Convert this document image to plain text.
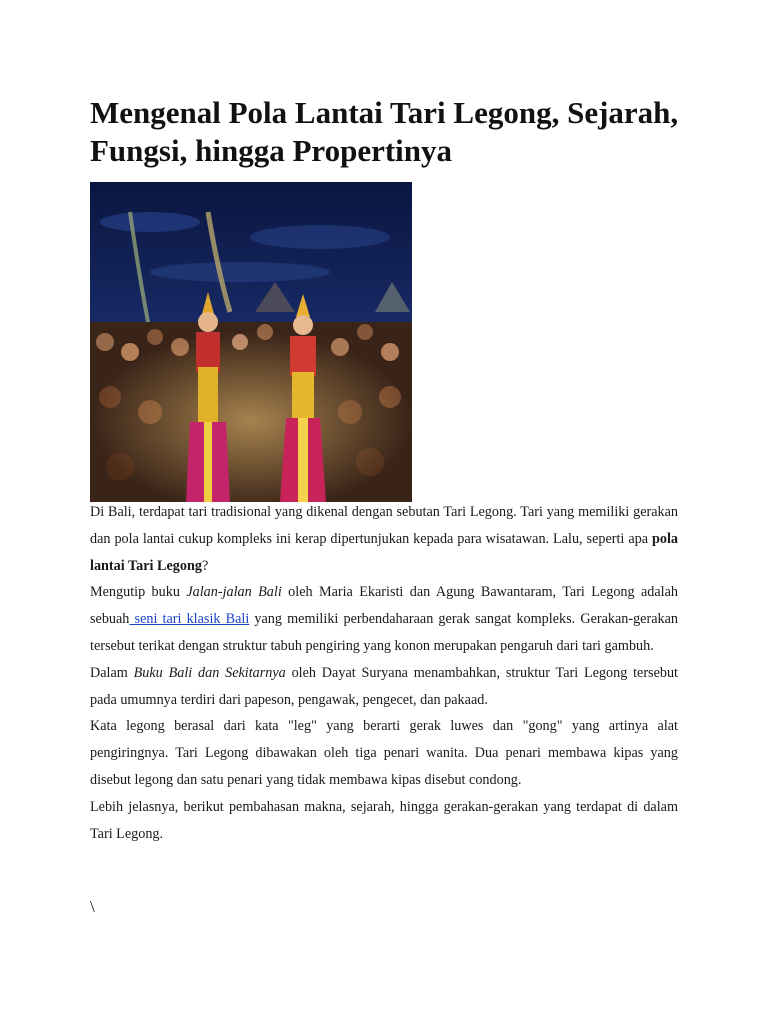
Mengenal Pola Lantai Tari Legong, Sejarah, Fungsi, hingga Propertinya

Di Bali, terdapat tari tradisional yang dikenal dengan sebutan Tari Legong. Tari yang memiliki gerakan dan pola lantai cukup kompleks ini kerap dipertunjukan kepada para wisatawan. Lalu, seperti apa pola lantai Tari Legong?

Mengutip buku Jalan-jalan Bali oleh Maria Ekaristi dan Agung Bawantaram, Tari Legong adalah sebuah seni tari klasik Bali yang memiliki perbendaharaan gerak sangat kompleks. Gerakan-gerakan tersebut terikat dengan struktur tabuh pengiring yang konon merupakan pengaruh dari tari gambuh.

Dalam Buku Bali dan Sekitarnya oleh Dayat Suryana menambahkan, struktur Tari Legong tersebut pada umumnya terdiri dari papeson, pengawak, pengecet, dan pakaad.

Kata legong berasal dari kata "leg" yang berarti gerak luwes dan "gong" yang artinya alat pengiringnya. Tari Legong dibawakan oleh tiga penari wanita. Dua penari membawa kipas yang disebut legong dan satu penari yang tidak membawa kipas disebut condong.

Lebih jelasnya, berikut pembahasan makna, sejarah, hingga gerakan-gerakan yang terdapat di dalam Tari Legong.

\
